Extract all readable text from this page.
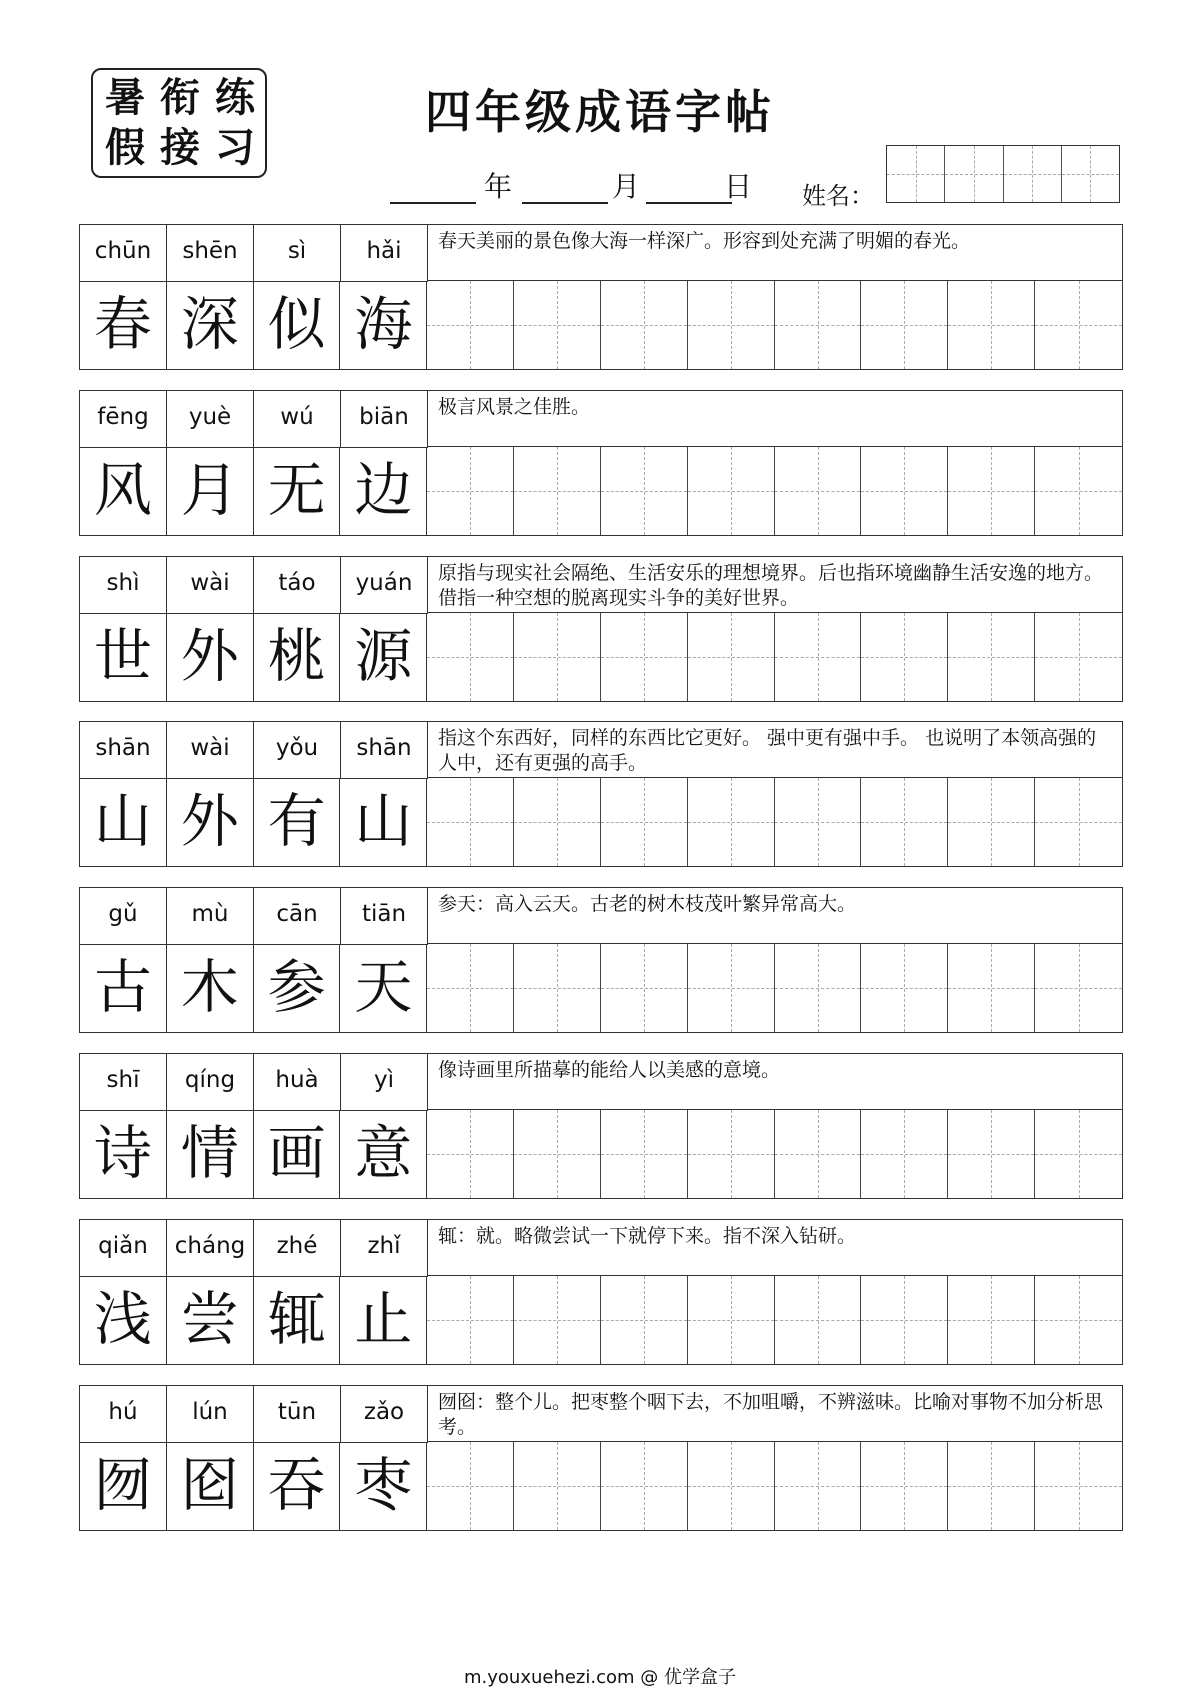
暑 衔 练
假 接 习
四年级成语字帖
年	月	日 姓名：
chūn	shēn	sì	hǎi	春天美丽的景色像大海一样深广。形容到处充满了明媚的春光。
春 深 似 海
fēng	yuè	wú	biān	极言风景之佳胜。
风 月 无 边
shì	wài	táo	yuán	原指与现实社会隔绝、生活安乐的理想境界。后也指环境幽静生活安逸的地方。借指一种空想的脱离现实斗争的美好世界。
世 外 桃 源
shān	wài	yǒu	shān	指这个东西好，同样的东西比它更好。 强中更有强中手。 也说明了本领高强的人中，还有更强的高手。
山 外 有 山
gǔ	mù	cān	tiān	参天：高入云天。古老的树木枝茂叶繁异常高大。
古 木 参 天
shī	qíng	huà	yì	像诗画里所描摹的能给人以美感的意境。
诗 情 画 意
qiǎn	cháng	zhé	zhǐ	辄：就。略微尝试一下就停下来。指不深入钻研。
浅 尝 辄 止
hú	lún	tūn	zǎo	囫囵：整个儿。把枣整个咽下去，不加咀嚼，不辨滋味。比喻对事物不加分析思考。
囫 囵 吞 枣
m.youxuehezi.com @ 优学盒子
